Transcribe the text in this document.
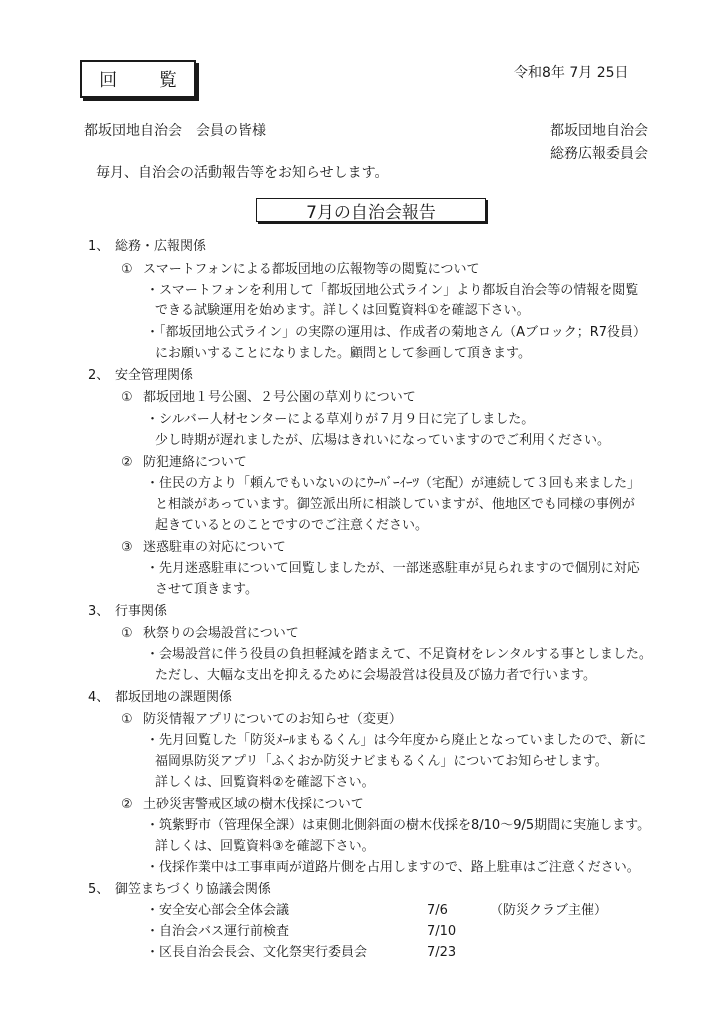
回 覧	令和8年 7月 25日
都坂団地自治会　会員の皆様	都坂団地自治会
総務広報委員会
毎月、自治会の活動報告等をお知らせします。
7月の自治会報告
1、 総務・広報関係
① スマートフォンによる都坂団地の広報物等の閲覧について
・スマートフォンを利用して「都坂団地公式ライン」より都坂自治会等の情報を閲覧
できる試験運用を始めます。詳しくは回覧資料①を確認下さい。
・「都坂団地公式ライン」の実際の運用は、作成者の菊地さん（Aブロック；R7役員）
にお願いすることになりました。顧問として参画して頂きます。
2、 安全管理関係
① 都坂団地１号公園、２号公園の草刈りについて
・シルバー人材センターによる草刈りが７月９日に完了しました。
少し時期が遅れましたが、広場はきれいになっていますのでご利用ください。
② 防犯連絡について
・住民の方より「頼んでもいないのにｳｰﾊﾞｰｲｰﾂ（宅配）が連続して３回も来ました」
と相談があっています。御笠派出所に相談していますが、他地区でも同様の事例が
起きているとのことですのでご注意ください。
③ 迷惑駐車の対応について
・先月迷惑駐車について回覧しましたが、一部迷惑駐車が見られますので個別に対応
させて頂きます。
3、 行事関係
① 秋祭りの会場設営について
・会場設営に伴う役員の負担軽減を踏まえて、不足資材をレンタルする事としました。
ただし、大幅な支出を抑えるために会場設営は役員及び協力者で行います。
4、 都坂団地の課題関係
① 防災情報アプリについてのお知らせ（変更）
・先月回覧した「防災ﾒｰﾙまもるくん」は今年度から廃止となっていましたので、新に
福岡県防災アプリ「ふくおか防災ナビまもるくん」についてお知らせします。
詳しくは、回覧資料②を確認下さい。
② 土砂災害警戒区域の樹木伐採について
・筑紫野市（管理保全課）は東側北側斜面の樹木伐採を8/10～9/5期間に実施します。
詳しくは、回覧資料③を確認下さい。
・伐採作業中は工事車両が道路片側を占用しますので、路上駐車はご注意ください。
5、 御笠まちづくり協議会関係
・安全安心部会全体会議	7/6	（防災クラブ主催）
・自治会バス運行前検査	7/10
・区長自治会長会、文化祭実行委員会	7/23
